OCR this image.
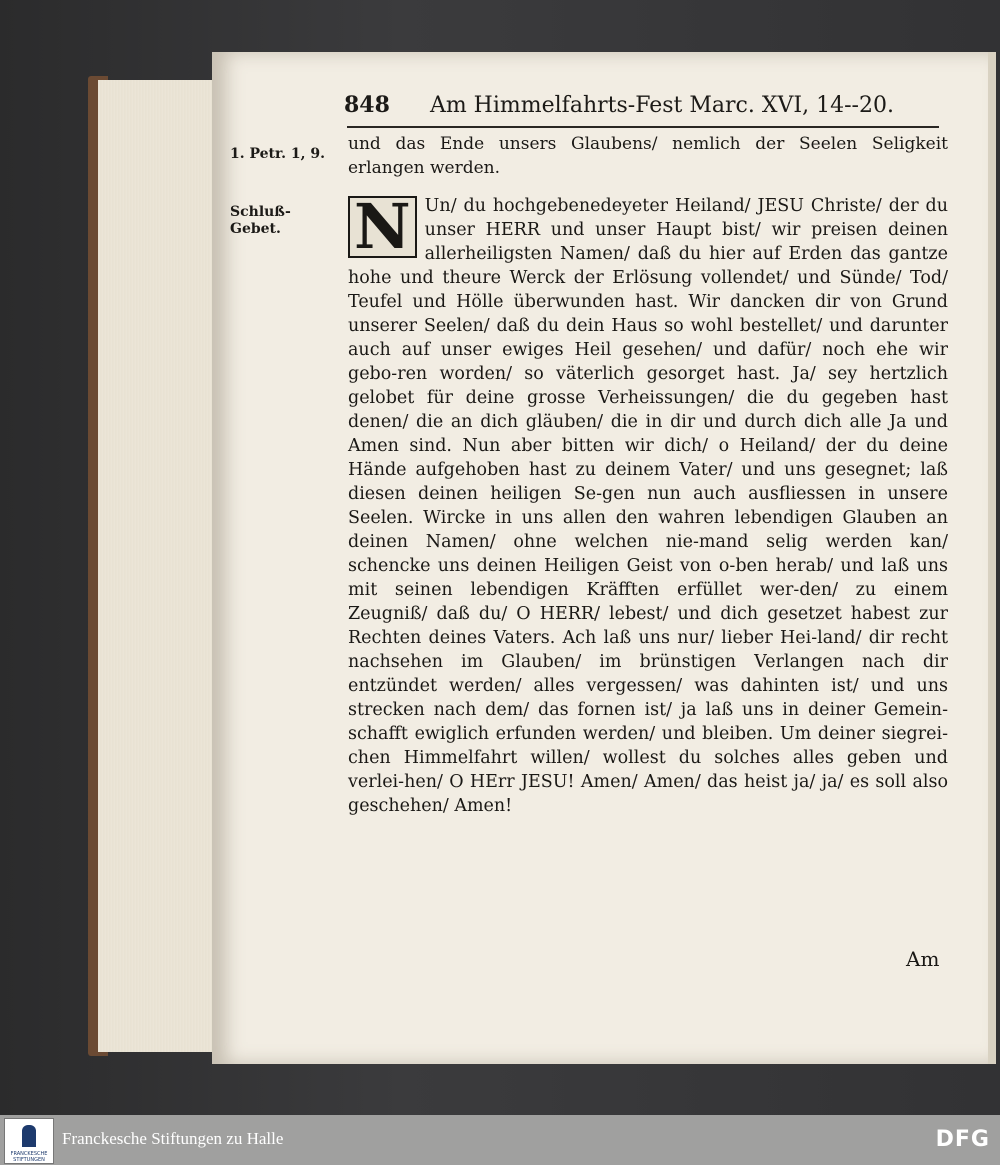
848 Am Himmelfahrts-Fest Marc. XVI, 14--20.
1. Petr. 1, 9.
Schluß-Gebet.

und das Ende unsers Glaubens/ nemlich der Seelen Seligkeit erlangen werden.

N Un/ du hochgebenedeyeter Heiland/ JESU Christe/ der du unser HERR und unser Haupt bist/ wir preisen deinen allerheiligsten Namen/ daß du hier auf Erden das gantze hohe und theure Werck der Erlösung vollendet/ und Sünde/ Tod/ Teufel und Hölle überwunden hast. Wir dancken dir von Grund unserer Seelen/ daß du dein Haus so wohl bestellet/ und darunter auch auf unser ewiges Heil gesehen/ und dafür/ noch ehe wir gebo-ren worden/ so väterlich gesorget hast. Ja/ sey hertzlich gelobet für deine grosse Verheissungen/ die du gegeben hast denen/ die an dich gläuben/ die in dir und durch dich alle Ja und Amen sind. Nun aber bitten wir dich/ o Heiland/ der du deine Hände aufgehoben hast zu deinem Vater/ und uns gesegnet; laß diesen deinen heiligen Se-gen nun auch ausfliessen in unsere Seelen. Wircke in uns allen den wahren lebendigen Glauben an deinen Namen/ ohne welchen nie-mand selig werden kan/ schencke uns deinen Heiligen Geist von o-ben herab/ und laß uns mit seinen lebendigen Kräfften erfüllet wer-den/ zu einem Zeugniß/ daß du/ O HERR/ lebest/ und dich gesetzet habest zur Rechten deines Vaters. Ach laß uns nur/ lieber Hei-land/ dir recht nachsehen im Glauben/ im brünstigen Verlangen nach dir entzündet werden/ alles vergessen/ was dahinten ist/ und uns strecken nach dem/ das fornen ist/ ja laß uns in deiner Gemein-schafft ewiglich erfunden werden/ und bleiben. Um deiner siegrei-chen Himmelfahrt willen/ wollest du solches alles geben und verlei-hen/ O HErr JESU! Amen/ Amen/ das heist ja/ ja/ es soll also geschehen/ Amen!

Am
FRANCKESCHE STIFTUNGEN
Franckesche Stiftungen zu Halle	DFG
